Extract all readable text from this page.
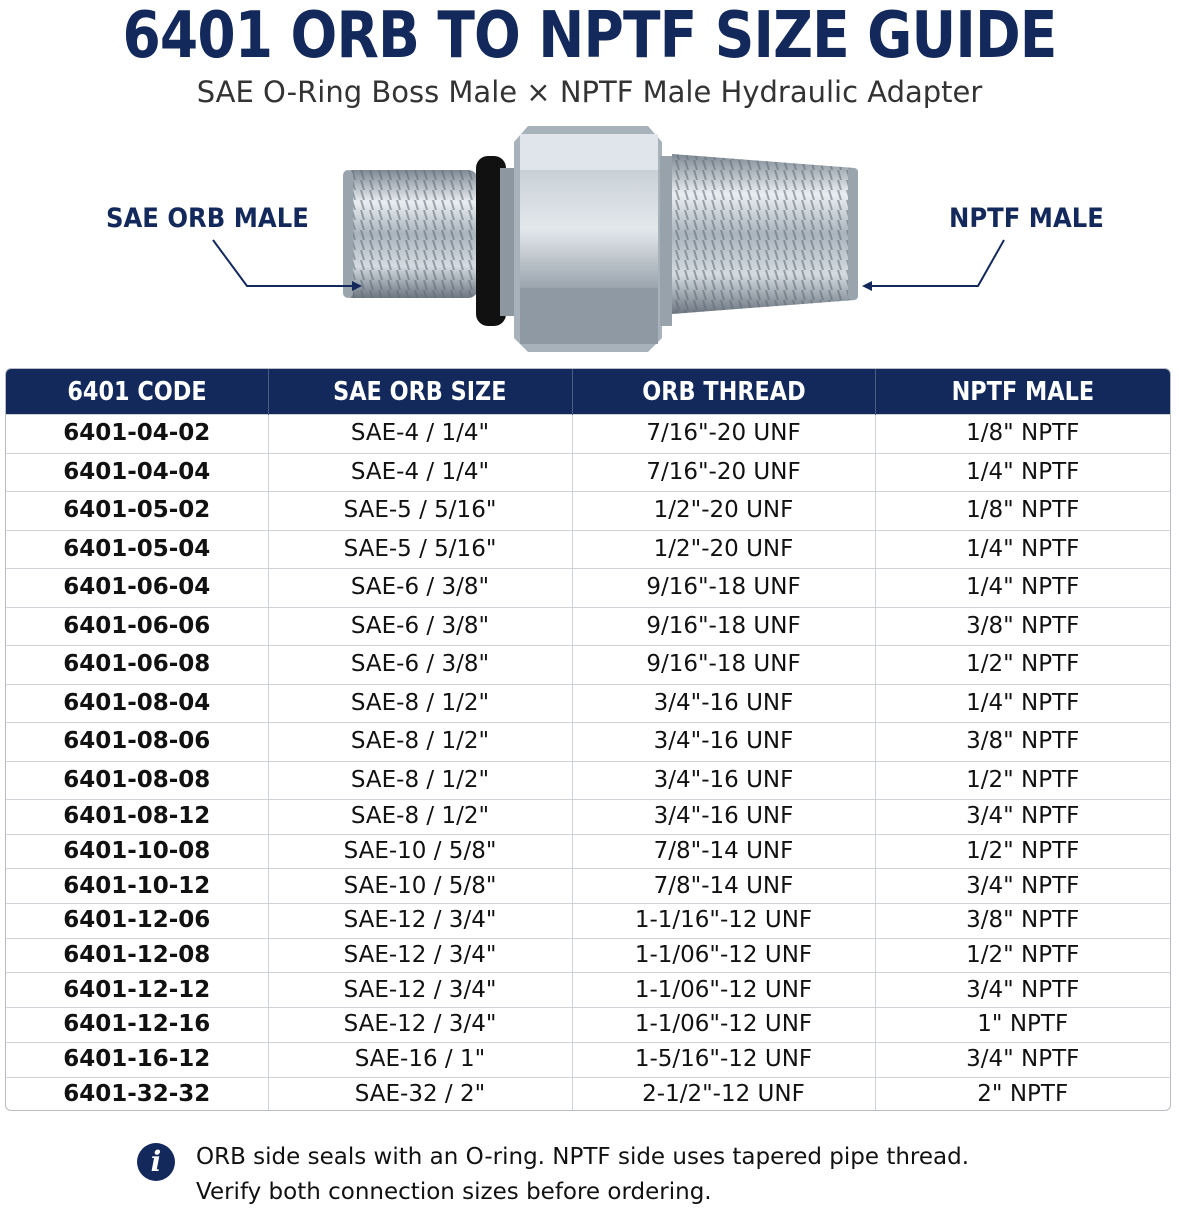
6401 ORB TO NPTF SIZE GUIDE
SAE O-Ring Boss Male × NPTF Male Hydraulic Adapter
SAE ORB MALE	NPTF MALE
6401 CODE	SAE ORB SIZE	ORB THREAD	NPTF MALE
6401-04-02	SAE-4 / 1/4"	7/16"-20 UNF	1/8" NPTF
6401-04-04	SAE-4 / 1/4"	7/16"-20 UNF	1/4" NPTF
6401-05-02	SAE-5 / 5/16"	1/2"-20 UNF	1/8" NPTF
6401-05-04	SAE-5 / 5/16"	1/2"-20 UNF	1/4" NPTF
6401-06-04	SAE-6 / 3/8"	9/16"-18 UNF	1/4" NPTF
6401-06-06	SAE-6 / 3/8"	9/16"-18 UNF	3/8" NPTF
6401-06-08	SAE-6 / 3/8"	9/16"-18 UNF	1/2" NPTF
6401-08-04	SAE-8 / 1/2"	3/4"-16 UNF	1/4" NPTF
6401-08-06	SAE-8 / 1/2"	3/4"-16 UNF	3/8" NPTF
6401-08-08	SAE-8 / 1/2"	3/4"-16 UNF	1/2" NPTF
6401-08-12	SAE-8 / 1/2"	3/4"-16 UNF	3/4" NPTF
6401-10-08	SAE-10 / 5/8"	7/8"-14 UNF	1/2" NPTF
6401-10-12	SAE-10 / 5/8"	7/8"-14 UNF	3/4" NPTF
6401-12-06	SAE-12 / 3/4"	1-1/16"-12 UNF	3/8" NPTF
6401-12-08	SAE-12 / 3/4"	1-1/06"-12 UNF	1/2" NPTF
6401-12-12	SAE-12 / 3/4"	1-1/06"-12 UNF	3/4" NPTF
6401-12-16	SAE-12 / 3/4"	1-1/06"-12 UNF	1" NPTF
6401-16-12	SAE-16 / 1"	1-5/16"-12 UNF	3/4" NPTF
6401-32-32	SAE-32 / 2"	2-1/2"-12 UNF	2" NPTF
i	ORB side seals with an O-ring. NPTF side uses tapered pipe thread.
Verify both connection sizes before ordering.
